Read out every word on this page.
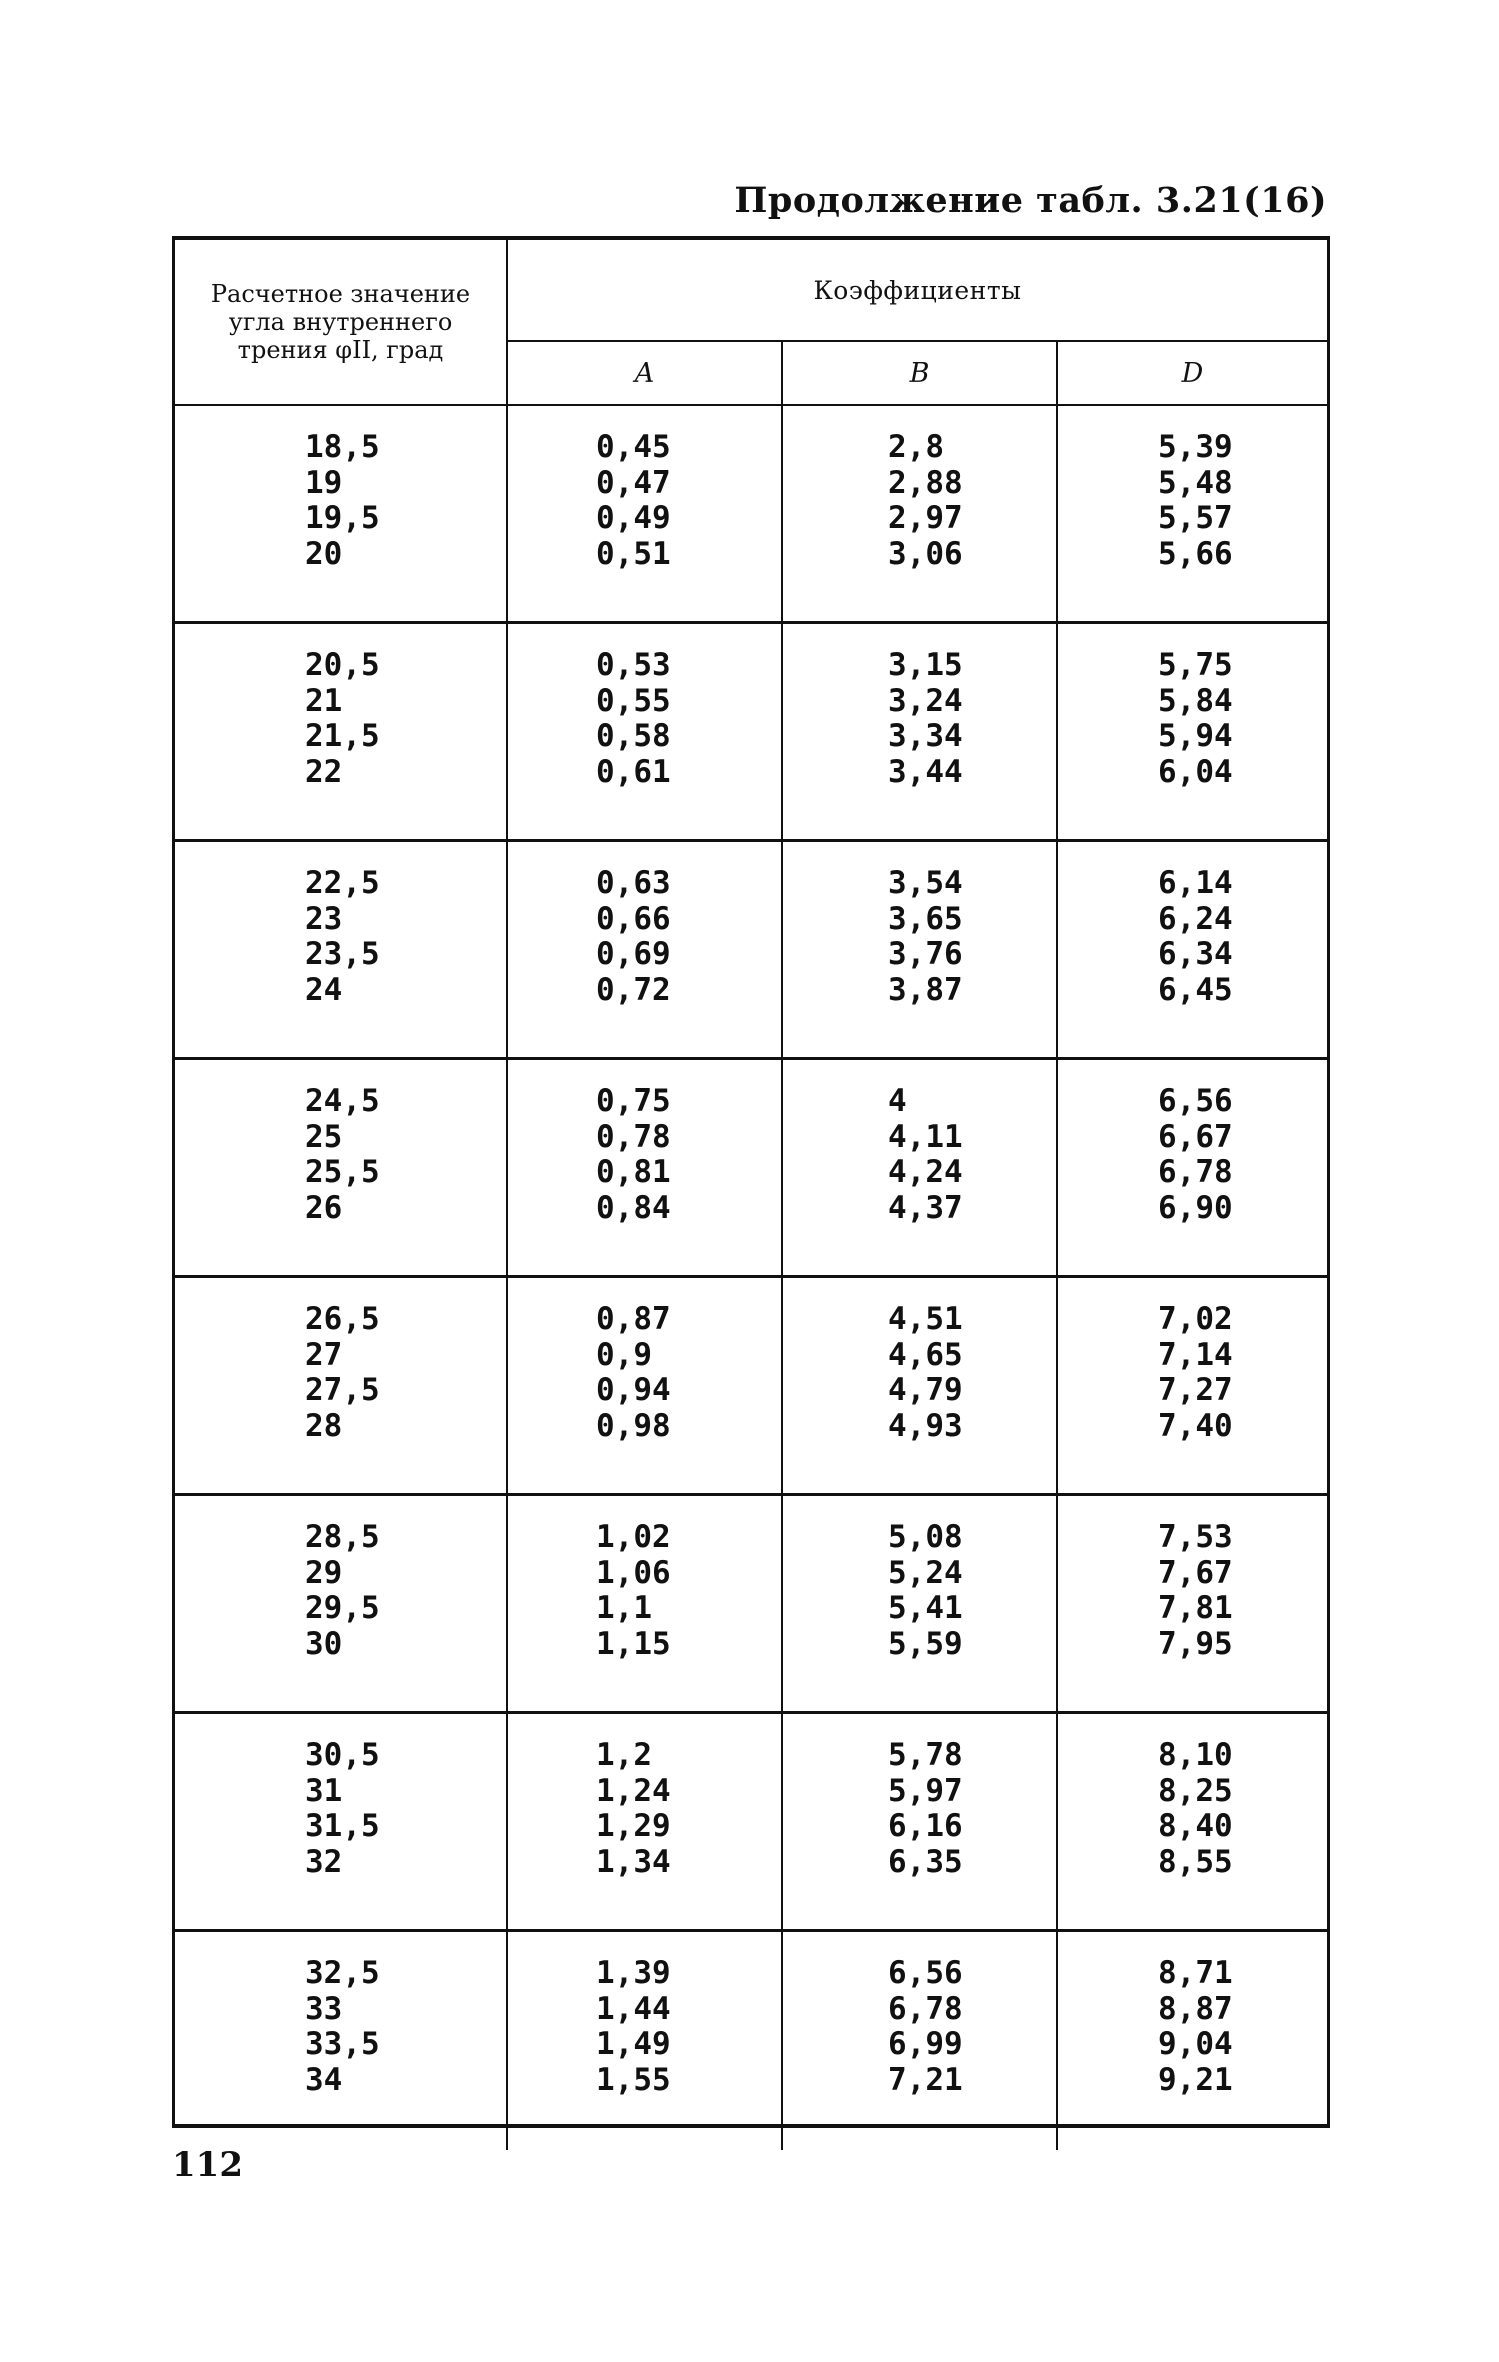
Продолжение табл. 3.21(16)
Расчетное значение
угла внутреннего
трения φII, град
Коэффициенты
A	B	D
18,5
19
19,5
20
0,45
0,47
0,49
0,51
2,8
2,88
2,97
3,06
5,39
5,48
5,57
5,66
20,5
21
21,5
22
0,53
0,55
0,58
0,61
3,15
3,24
3,34
3,44
5,75
5,84
5,94
6,04
22,5
23
23,5
24
0,63
0,66
0,69
0,72
3,54
3,65
3,76
3,87
6,14
6,24
6,34
6,45
24,5
25
25,5
26
0,75
0,78
0,81
0,84
4
4,11
4,24
4,37
6,56
6,67
6,78
6,90
26,5
27
27,5
28
0,87
0,9
0,94
0,98
4,51
4,65
4,79
4,93
7,02
7,14
7,27
7,40
28,5
29
29,5
30
1,02
1,06
1,1
1,15
5,08
5,24
5,41
5,59
7,53
7,67
7,81
7,95
30,5
31
31,5
32
1,2
1,24
1,29
1,34
5,78
5,97
6,16
6,35
8,10
8,25
8,40
8,55
32,5
33
33,5
34
1,39
1,44
1,49
1,55
6,56
6,78
6,99
7,21
8,71
8,87
9,04
9,21
112
